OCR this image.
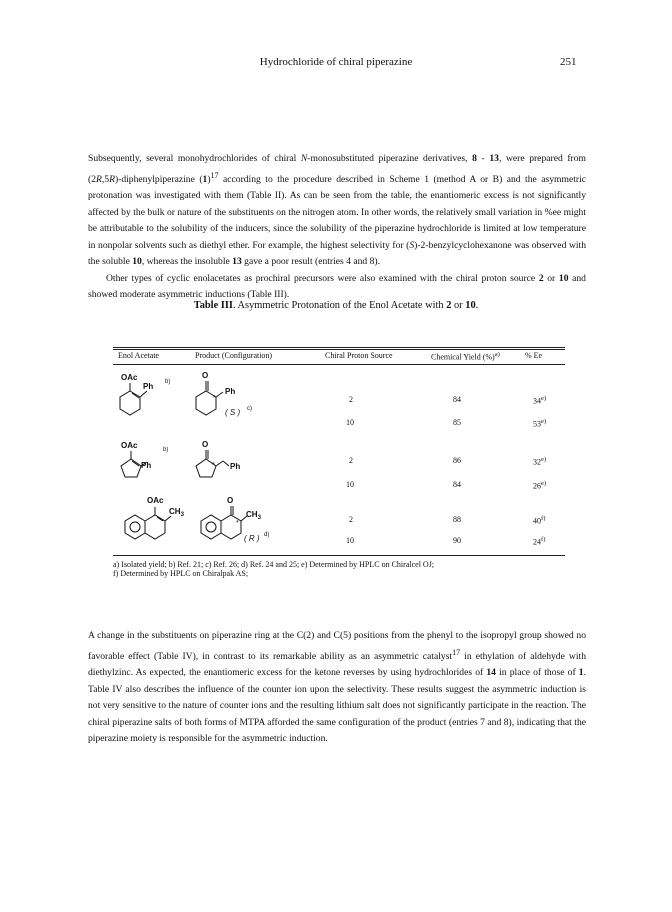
Hydrochloride of chiral piperazine	251

Subsequently, several monohydrochlorides of chiral N-monosubstituted piperazine derivatives, 8 - 13, were prepared from (2R,5R)-diphenylpiperazine $(1)^{17}$ according to the procedure described in Scheme 1 (method A or B) and the asymmetric protonation was investigated with them (Table II). As can be seen from the table, the enantiomeric excess is not significantly affected by the bulk or nature of the substituents on the nitrogen atom. In other words, the relatively small variation in %ee might be attributable to the solubility of the inducers, since the solubility of the piperazine hydrochloride is limited at low temperature in nonpolar solvents such as diethyl ether. For example, the highest selectivity for (S)-2-benzylcyclohexanone was observed with the soluble 10, whereas the insoluble 13 gave a poor result (entries 4 and 8).
Other types of cyclic enolacetates as prochiral precursors were also examined with the chiral proton source 2 or 10 and showed moderate asymmetric inductions (Table III).

Table III. Asymmetric Protonation of the Enol Acetate with 2 or 10.
Enol Acetate	Product (Configuration)	Chiral Proton Source	Chemical Yield (%)$^{a)}$	% Ee
2	84	34$^{e)}$
10	85	53$^{e)}$
2	86	32$^{e)}$
10	84	26$^{e)}$
2	88	40$^{f)}$
10	90	24$^{f)}$
OAc
Ph b)
O
*
Ph
( S ) c)
OAc
Ph
b)
O
* Ph
OAc
$CH_3$
O
*
$CH_3$
( R ) d)
a) Isolated yield; b) Ref. 21; c) Ref. 26; d) Ref. 24 and 25; e) Determined by HPLC on Chiralcel OJ;
f) Determined by HPLC on Chiralpak AS;

A change in the substituents on piperazine ring at the C(2) and C(5) positions from the phenyl to the isopropyl group showed no favorable effect (Table IV), in contrast to its remarkable ability as an asymmetric catalyst$^{17}$ in ethylation of aldehyde with diethylzinc. As expected, the enantiomeric excess for the ketone reverses by using hydrochlorides of 14 in place of those of 1. Table IV also describes the influence of the counter ion upon the selectivity. These results suggest the asymmetric induction is not very sensitive to the nature of counter ions and the resulting lithium salt does not significantly participate in the reaction. The chiral piperazine salts of both forms of MTPA afforded the same configuration of the product (entries 7 and 8), indicating that the piperazine moiety is responsible for the asymmetric induction.
